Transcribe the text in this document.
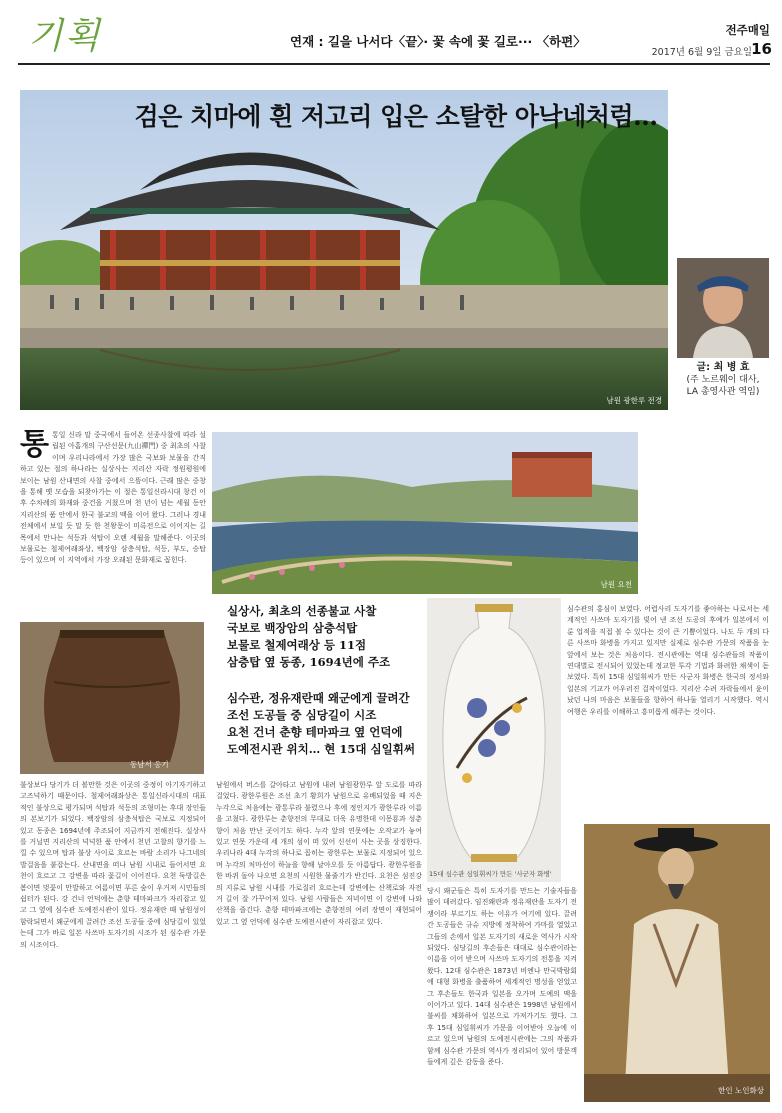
기획	연재 : 길을 나서다〈끝〉· 꽃 속에 꽃 길로··· 〈하편〉
전주매일
2017년 6월 9일 금요일 16
남원 광한루 전경
검은 치마에 흰 저고리 입은 소탈한 아낙네처럼…
글: 최 병 효
(주 노르웨이 대사,
LA 총영사관 역임)
남원 요천
동남서 옹기
실상사, 최초의 선종불교 사찰
국보로 백장암의 삼층석탑
보물로 철제여래상 등 11점
삼층탑 옆 동종, 1694년에 주조
심수관, 정유재란때 왜군에게 끌려간
조선 도공들 중 심당길이 시조
요천 건너 춘향 테마파크 옆 언덕에
도예전시관 위치… 현 15대 심일휘써
15대 심수관 심일휘씨가 만든 '사군자 화병'
한인 노인화상
통 통일 신라 말 중국에서 들어온 선종사찰에 따라 설립된 아홉개의 구산선문(九山禪門) 중 최초의 사찰이며 우리나라에서 가장 많은 국보와 보물을 간직하고 있는 절의 하나라는 실상사는 지리산 자락 정원평원에 보이는 남원 산내면의 사찰 중에서 으뜸이다. 근래 많은 중창을 통해 옛 모습을 되찾아가는 이 절은 통일신라시대 창건 이후 수차례의 화재와 중건을 거쳤으며 천 년이 넘는 세월 동안 지리산의 품 안에서 한국 불교의 맥을 이어 왔다. 그러나 경내 전체에서 보일 듯 말 듯 한 천왕문이 미륵전으로 이어지는 길목에서 만나는 석등과 석탑이 오랜 세월을 말해준다. 이곳의 보물로는 철제여래좌상, 백장암 삼층석탑, 석등, 부도, 승탑 등이 있으며 이 지역에서 가장 오래된 문화재로 꼽힌다.

불상보다 당기가 더 볼만한 것은 이곳의 중정이 아기자기하고 고즈넉하기 때문이다. 철제여래좌상은 통일신라시대의 대표적인 불상으로 평가되며 석탑과 석등의 조형미는 후대 장인들의 본보기가 되었다. 백장암의 삼층석탑은 국보로 지정되어 있고 동종은 1694년에 주조되어 지금까지 전해진다. 실상사를 거닐면 지리산의 넉넉한 품 안에서 천년 고찰의 향기를 느낄 수 있으며 탑과 불상 사이로 흐르는 바람 소리가 나그네의 발걸음을 붙잡는다. 산내면을 떠나 남원 시내로 들어서면 요천이 흐르고 그 강변을 따라 꽃길이 이어진다. 요천 둑방길은 봄이면 벚꽃이 만발하고 여름이면 푸른 숲이 우거져 시민들의 쉼터가 된다. 강 건너 언덕에는 춘향 테마파크가 자리잡고 있고 그 옆에 심수관 도예전시관이 있다. 정유재란 때 남원성이 함락되면서 왜군에게 끌려간 조선 도공들 중에 심당길이 있었는데 그가 바로 일본 사쓰마 도자기의 시조가 된 심수관 가문의 시조이다.

남원에서 버스를 갈아타고 남원에 내려 남원광한루 앞 도로를 따라 걸었다. 광한루원은 조선 초기 황희가 남원으로 유배되었을 때 지은 누각으로 처음에는 광통루라 불렸으나 후에 정인지가 광한루라 이름을 고쳤다. 광한루는 춘향전의 무대로 더욱 유명한데 이몽룡과 성춘향이 처음 만난 곳이기도 하다. 누각 앞의 연못에는 오작교가 놓여 있고 연못 가운데 세 개의 섬이 떠 있어 신선이 사는 곳을 상징한다. 우리나라 4대 누각의 하나로 꼽히는 광한루는 보물로 지정되어 있으며 누각의 처마선이 하늘을 향해 날아오를 듯 아름답다. 광한루원을 한 바퀴 돌아 나오면 요천의 시원한 물줄기가 반긴다. 요천은 섬진강의 지류로 남원 시내를 가로질러 흐르는데 강변에는 산책로와 자전거 길이 잘 가꾸어져 있다. 남원 사람들은 저녁이면 이 강변에 나와 산책을 즐긴다. 춘향 테마파크에는 춘향전의 여러 장면이 재현되어 있고 그 옆 언덕에 심수관 도예전시관이 자리잡고 있다.

심수관의 홍심이 보였다. 어렵사리 도자기를 좋아하는 나로서는 세계적인 사쓰마 도자기를 빚어 낸 조선 도공의 후예가 일본에서 이룬 업적을 직접 볼 수 있다는 것이 큰 기쁨이었다. 나도 두 개의 다른 사쓰마 화병을 가지고 있지만 실제로 심수관 가문의 작품을 눈앞에서 보는 것은 처음이다. 전시관에는 역대 심수관들의 작품이 연대별로 전시되어 있었는데 정교한 투각 기법과 화려한 채색이 돋보였다. 특히 15대 심일휘씨가 만든 사군자 화병은 한국의 정서와 일본의 기교가 어우러진 걸작이었다. 지리산 수려 자락들에서 윤이 났던 나의 마음은 보물들을 향하여 하나둘 열리기 시작했다. 역시 여행은 우리를 이해하고 흥미롭게 해주는 것이다.

당시 왜군들은 특히 도자기를 만드는 기술자들을 많이 데려갔다. 임진왜란과 정유재란을 도자기 전쟁이라 부르기도 하는 이유가 여기에 있다. 끌려간 도공들은 규슈 지방에 정착하여 가마를 열었고 그들의 손에서 일본 도자기의 새로운 역사가 시작되었다. 심당길의 후손들은 대대로 심수관이라는 이름을 이어 받으며 사쓰마 도자기의 전통을 지켜왔다. 12대 심수관은 1873년 비엔나 만국박람회에 대형 화병을 출품하여 세계적인 명성을 얻었고 그 후손들도 한국과 일본을 오가며 도예의 맥을 이어가고 있다. 14대 심수관은 1998년 남원에서 불씨를 채화하여 일본으로 가져가기도 했다. 그 후 15대 심일휘씨가 가문을 이어받아 오늘에 이르고 있으며 남원의 도예전시관에는 그의 작품과 함께 심수관 가문의 역사가 정리되어 있어 방문객들에게 깊은 감동을 준다.
